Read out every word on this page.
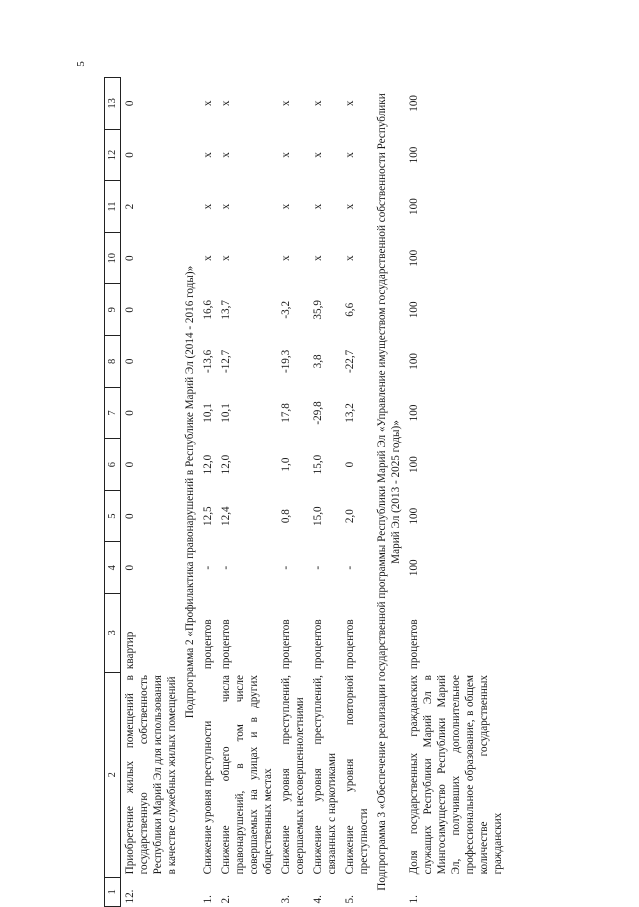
5
1	2	3	4	5	6	7	8	9	10	11	12	13
12.	Приобретение жилых помещений в государственную собственность Республики Марий Эл для использования в качестве служебных жилых помещений	квартир	0	0	0	0	0	0	0	2	0	0
Подпрограмма 2 «Профилактика правонарушений в Республике Марий Эл (2014 - 2016 годы)»												
1.	Снижение уровня преступности	процентов	-	12,5	12,0	10,1	-13,6	16,6	x	x	x	x
2.	Снижение общего числа правонарушений, в том числе совершаемых на улицах и в других общественных местах	процентов	-	12,4	12,0	10,1	-12,7	13,7	x	x	x	x
3.	Снижение уровня преступлений, совершаемых несовершеннолетними	процентов	-	0,8	1,0	17,8	-19,3	-3,2	x	x	x	x
4.	Снижение уровня преступлений, связанных с наркотиками	процентов	-	15,0	15,0	-29,8	3,8	35,9	x	x	x	x
5.	Снижение уровня повторной преступности	процентов	-	2,0	0	13,2	-22,7	6,6	x	x	x	x
Подпрограмма 3 «Обеспечение реализации государственной программы Республики Марий Эл «Управление имуществом государственной собственности Республики Марий Эл (2013 - 2025 годы)»												
1.	Доля государственных гражданских служащих Республики Марий Эл в Мингосимущество Республики Марий Эл, получивших дополнительное профессиональное образование, в общем количестве государственных гражданских	процентов	100	100	100	100	100	100	100	100	100	100
